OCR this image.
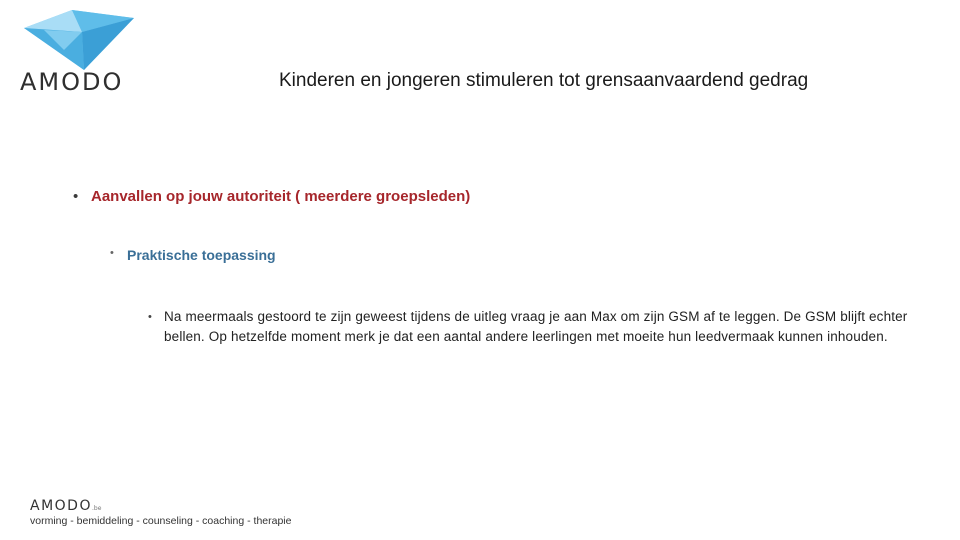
AMODO	Kinderen en jongeren stimuleren tot grensaanvaardend gedrag
• Aanvallen op jouw autoriteit ( meerdere groepsleden)
• Praktische toepassing
• Na meermaals gestoord te zijn geweest tijdens de uitleg vraag je aan Max om zijn GSM af te leggen. De GSM blijft echter bellen. Op hetzelfde moment merk je dat een aantal andere leerlingen met moeite hun leedvermaak kunnen inhouden.
AMODO.be
vorming - bemiddeling - counseling - coaching - therapie
